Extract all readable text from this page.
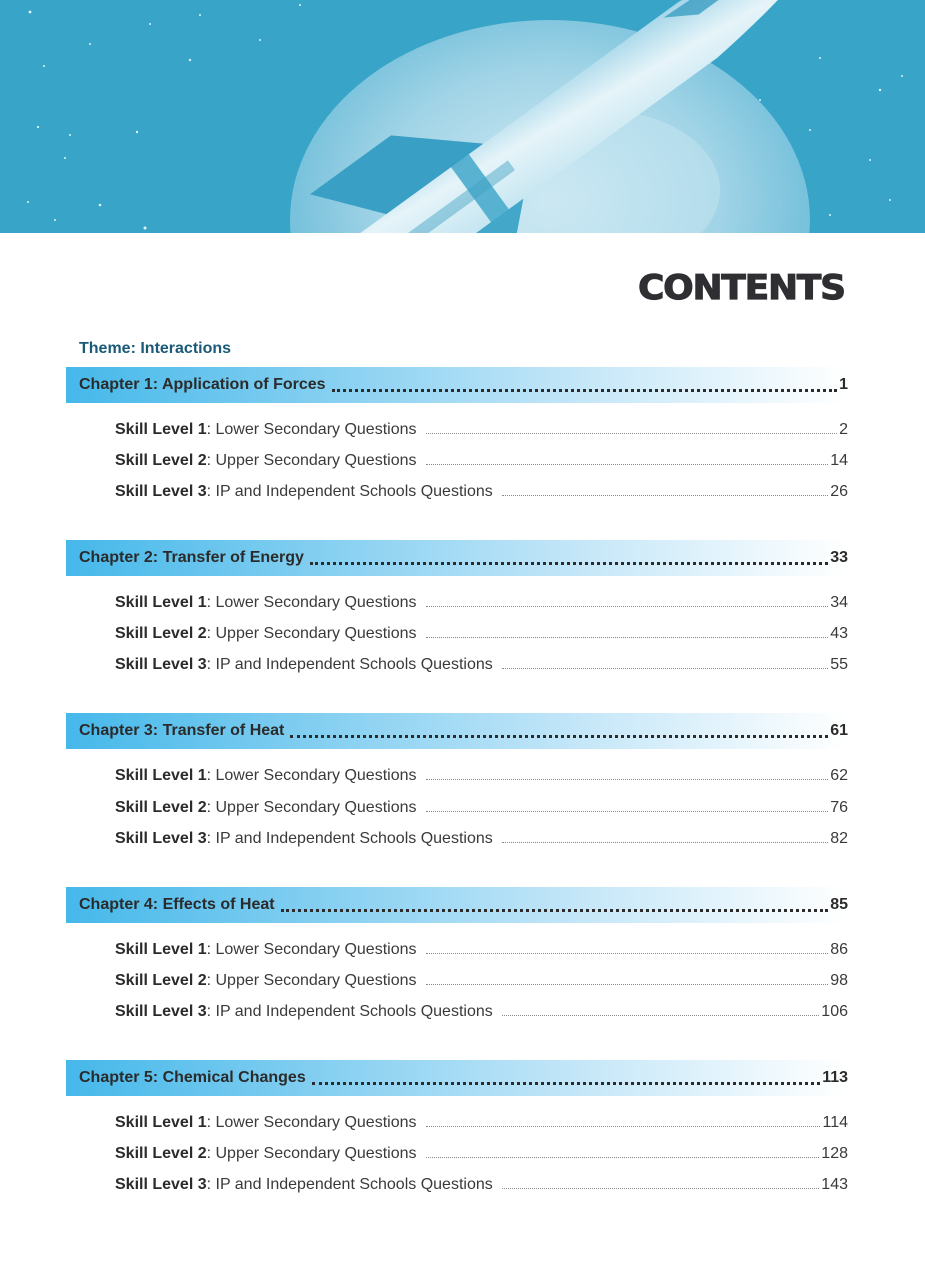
CONTENTS
Theme: Interactions
Chapter 1: Application of Forces	1
Skill Level 1 : Lower Secondary Questions	2
Skill Level 2 : Upper Secondary Questions	14
Skill Level 3 : IP and Independent Schools Questions	26
Chapter 2: Transfer of Energy	33
Skill Level 1 : Lower Secondary Questions	34
Skill Level 2 : Upper Secondary Questions	43
Skill Level 3 : IP and Independent Schools Questions	55
Chapter 3: Transfer of Heat	61
Skill Level 1 : Lower Secondary Questions	62
Skill Level 2 : Upper Secondary Questions	76
Skill Level 3 : IP and Independent Schools Questions	82
Chapter 4: Effects of Heat	85
Skill Level 1 : Lower Secondary Questions	86
Skill Level 2 : Upper Secondary Questions	98
Skill Level 3 : IP and Independent Schools Questions	106
Chapter 5: Chemical Changes	113
Skill Level 1 : Lower Secondary Questions	114
Skill Level 2 : Upper Secondary Questions	128
Skill Level 3 : IP and Independent Schools Questions	143
